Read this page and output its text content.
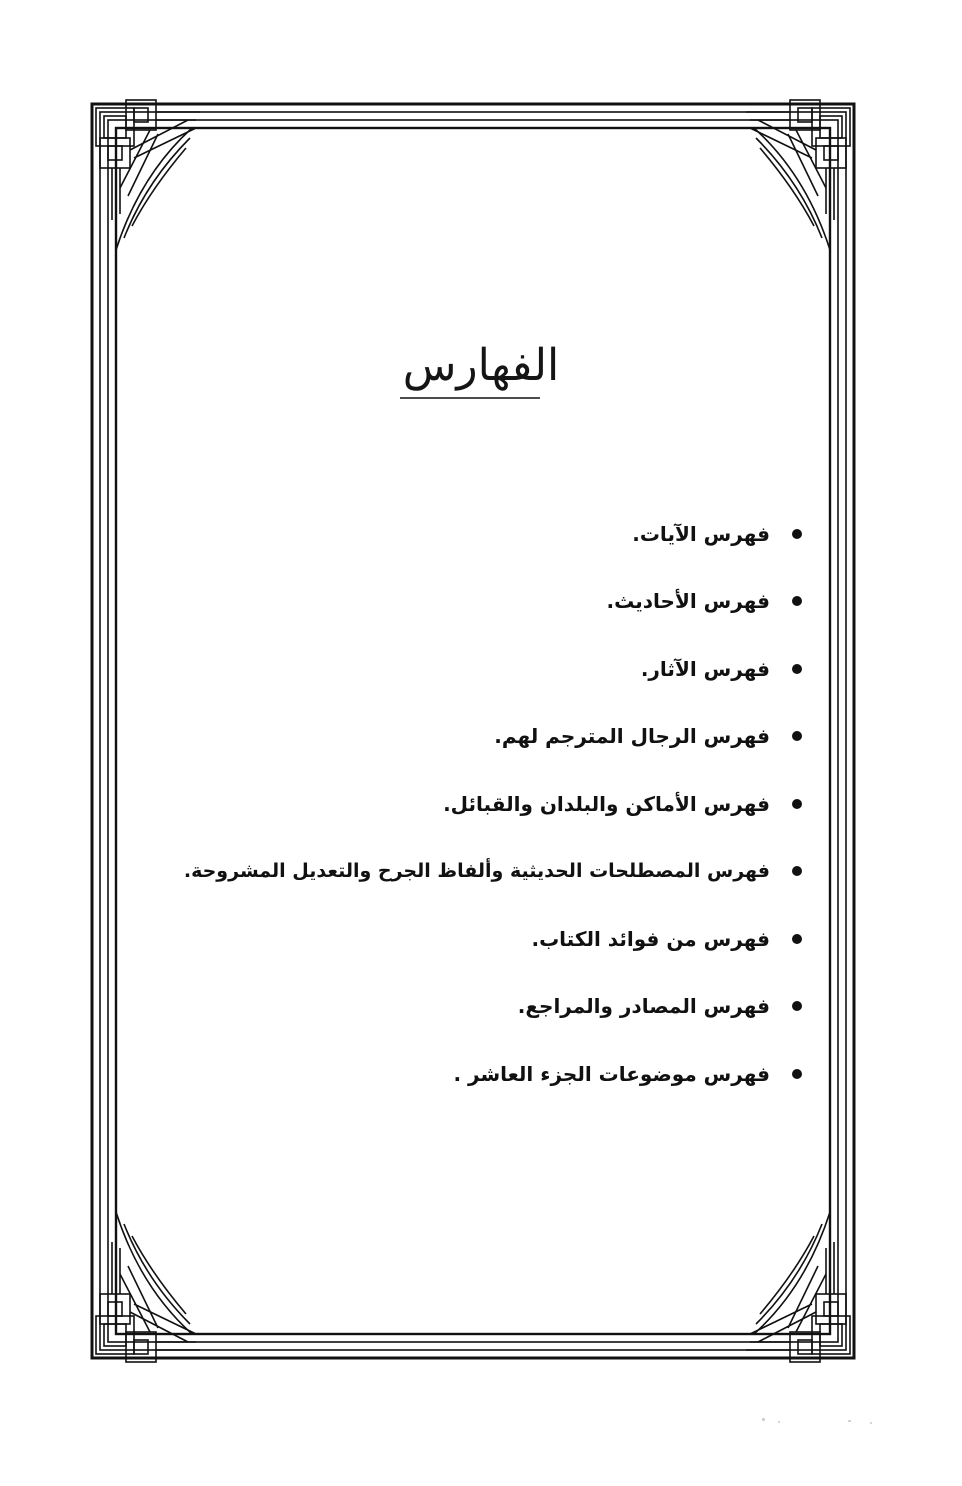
الفهارس
فهرس الآيات.
فهرس الأحاديث.
فهرس الآثار.
فهرس الرجال المترجم لهم.
فهرس الأماكن والبلدان والقبائل.
فهرس المصطلحات الحديثية وألفاظ الجرح والتعديل المشروحة.
فهرس من فوائد الكتاب.
فهرس المصادر والمراجع.
فهرس موضوعات الجزء العاشر .
